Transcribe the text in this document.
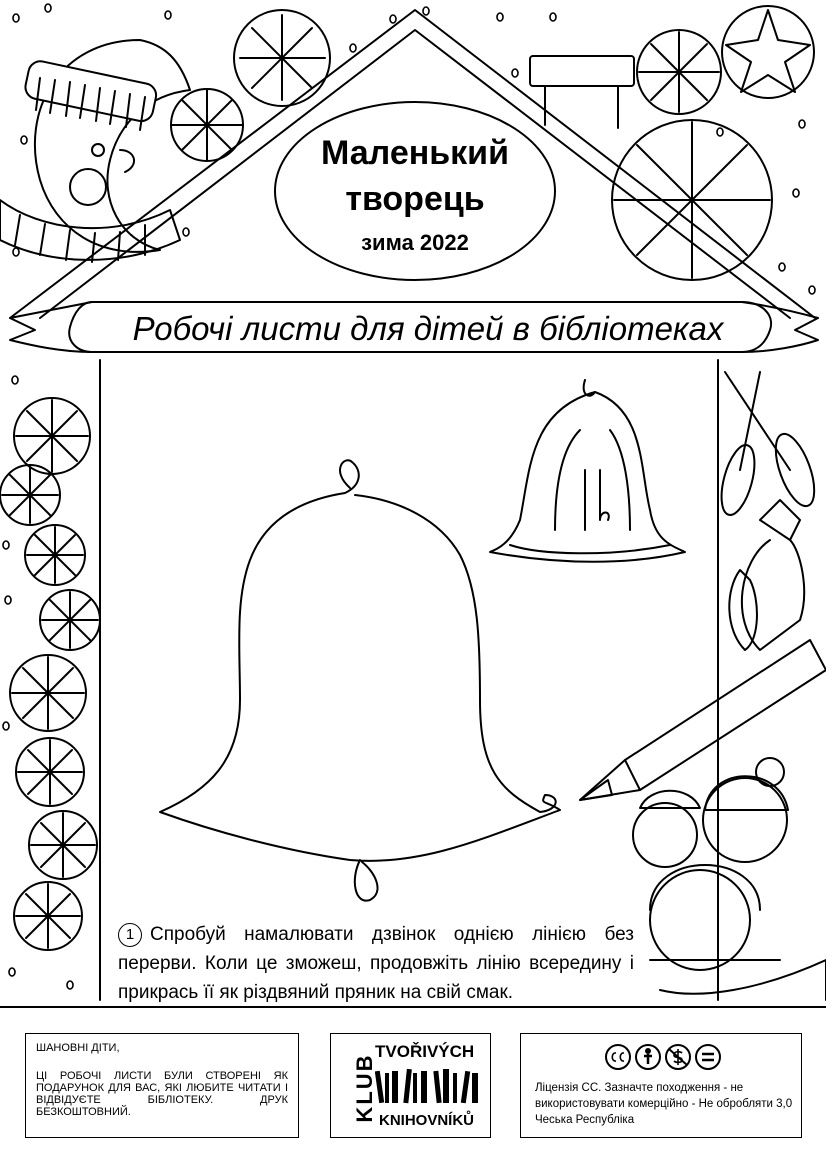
Маленький
творець
зима 2022
Робочі листи для дітей в бібліотеках
1 Спробуй намалювати дзвінок однією лінією без перерви. Коли це зможеш, продовжіть лінію всередину і прикрась її як різдвяний пряник на свій смак.
ШАНОВНІ ДІТИ,
ЦІ РОБОЧІ ЛИСТИ БУЛИ СТВОРЕНІ ЯК ПОДАРУНОК ДЛЯ ВАС, ЯКІ ЛЮБИТЕ ЧИТАТИ І ВІДВІДУЄТЕ БІБЛІОТЕКУ. ДРУК БЕЗКОШТОВНИЙ.	KLUB
TVOŘIVÝCH
KNIHOVNÍKŮ
Ліцензія СС. Зазначте походження - не використовувати комерційно - Не обробляти 3,0 Чеська Республіка
